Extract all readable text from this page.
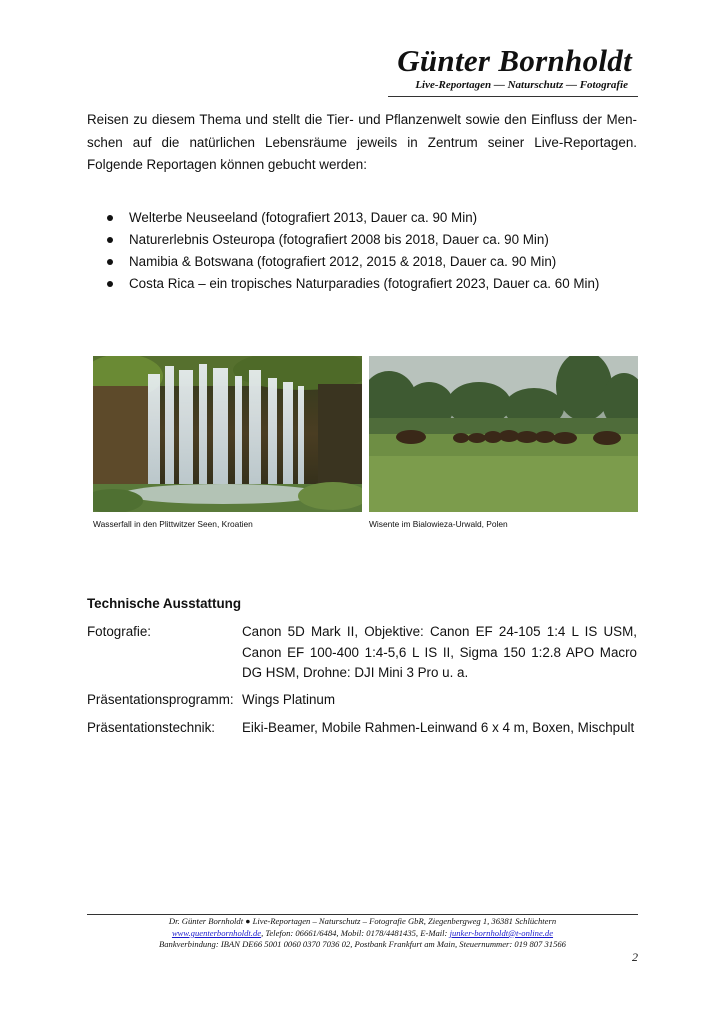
Günter Bornholdt
Live-Reportagen — Naturschutz — Fotografie
Reisen zu diesem Thema und stellt die Tier- und Pflanzenwelt sowie den Einfluss der Menschen auf die natürlichen Lebensräume jeweils in Zentrum seiner Live-Reportagen. Folgende Reportagen können gebucht werden:
Welterbe Neuseeland (fotografiert 2013, Dauer ca. 90 Min)
Naturerlebnis Osteuropa (fotografiert 2008 bis 2018, Dauer ca. 90 Min)
Namibia & Botswana (fotografiert 2012, 2015 & 2018, Dauer ca. 90 Min)
Costa Rica – ein tropisches Naturparadies (fotografiert 2023, Dauer ca. 60 Min)
Wasserfall in den Plittwitzer Seen, Kroatien	Wisente im Bialowieza-Urwald, Polen
Technische Ausstattung
Fotografie:	Canon 5D Mark II, Objektive: Canon EF 24-105 1:4 L IS USM, Canon EF 100-400 1:4-5,6 L IS II, Sigma 150 1:2.8 APO Macro DG HSM, Drohne: DJI Mini 3 Pro u. a.
Präsentationsprogramm: Wings Platinum
Präsentationstechnik: Eiki-Beamer, Mobile Rahmen-Leinwand 6 x 4 m, Boxen, Mischpult
Dr. Günter Bornholdt ● Live-Reportagen – Naturschutz – Fotografie GbR, Ziegenbergweg 1, 36381 Schlüchtern
www.guenterbornholdt.de, Telefon: 06661/6484, Mobil: 0178/4481435, E-Mail: junker-bornholdt@t-online.de
Bankverbindung: IBAN DE66 5001 0060 0370 7036 02, Postbank Frankfurt am Main, Steuernummer: 019 807 31566
2
